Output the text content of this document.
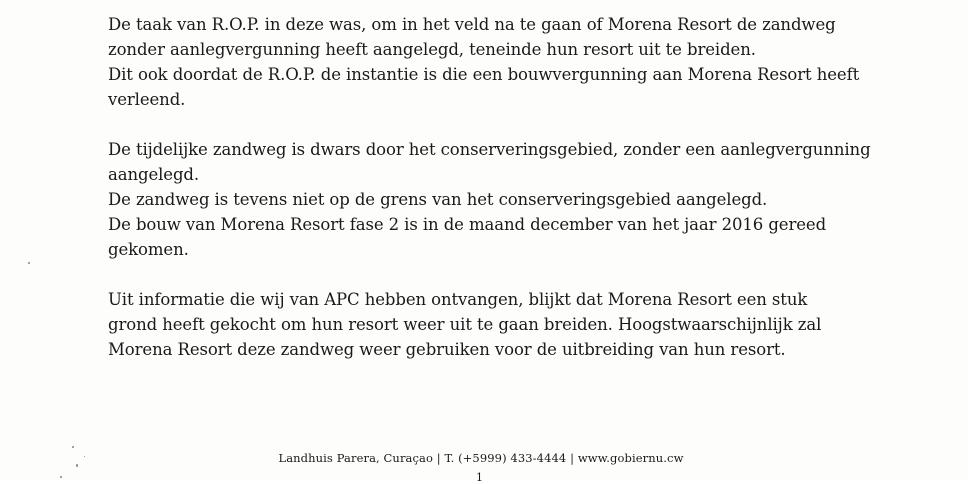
De taak van R.O.P. in deze was, om in het veld na te gaan of Morena Resort de zandweg
zonder aanlegvergunning heeft aangelegd, teneinde hun resort uit te breiden.
Dit ook doordat de R.O.P. de instantie is die een bouwvergunning aan Morena Resort heeft
verleend.

De tijdelijke zandweg is dwars door het conserveringsgebied, zonder een aanlegvergunning
aangelegd.
De zandweg is tevens niet op de grens van het conserveringsgebied aangelegd.
De bouw van Morena Resort fase 2 is in de maand december van het jaar 2016 gereed
gekomen.

Uit informatie die wij van APC hebben ontvangen, blijkt dat Morena Resort een stuk
grond heeft gekocht om hun resort weer uit te gaan breiden. Hoogstwaarschijnlijk zal
Morena Resort deze zandweg weer gebruiken voor de uitbreiding van hun resort.

Landhuis Parera, Curaçao | T. (+5999) 433-4444 | www.gobiernu.cw
1
